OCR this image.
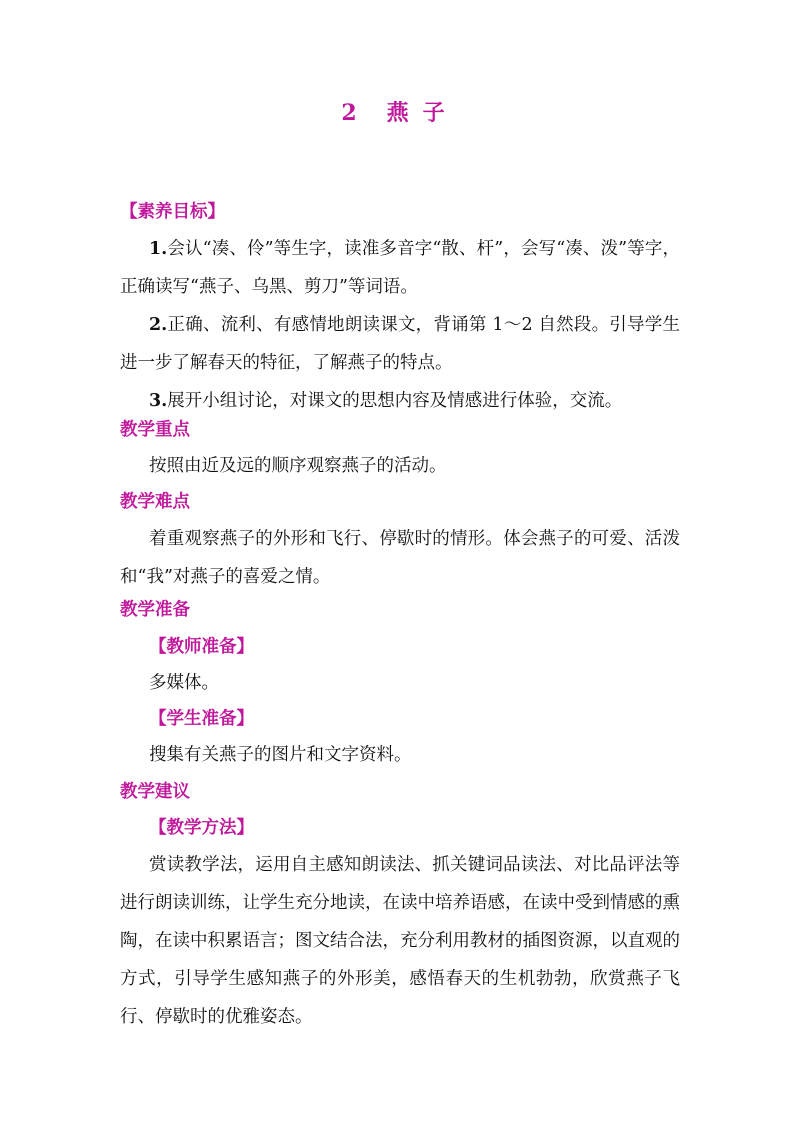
2 燕 子
【素养目标】
1.会认“凑、伶”等生字，读准多音字“散、杆”，会写“凑、泼”等字，正确读写“燕子、乌黑、剪刀”等词语。
2.正确、流利、有感情地朗读课文，背诵第 1～2 自然段。引导学生进一步了解春天的特征，了解燕子的特点。
3.展开小组讨论，对课文的思想内容及情感进行体验，交流。
教学重点
按照由近及远的顺序观察燕子的活动。
教学难点
着重观察燕子的外形和飞行、停歇时的情形。体会燕子的可爱、活泼和“我”对燕子的喜爱之情。
教学准备
【教师准备】
多媒体。
【学生准备】
搜集有关燕子的图片和文字资料。
教学建议
【教学方法】
赏读教学法，运用自主感知朗读法、抓关键词品读法、对比品评法等进行朗读训练，让学生充分地读，在读中培养语感，在读中受到情感的熏陶，在读中积累语言；图文结合法，充分利用教材的插图资源，以直观的方式，引导学生感知燕子的外形美，感悟春天的生机勃勃，欣赏燕子飞行、停歇时的优雅姿态。
